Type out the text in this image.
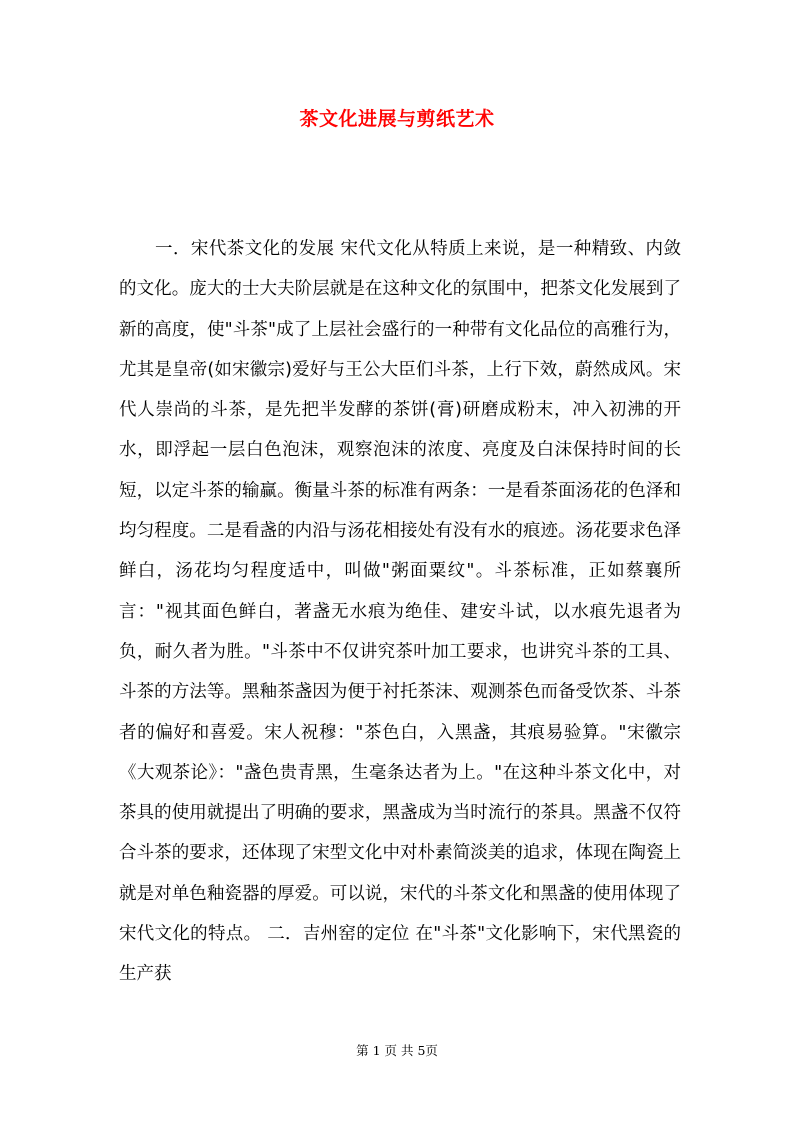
茶文化进展与剪纸艺术

一．宋代茶文化的发展 宋代文化从特质上来说，是一种精致、内敛的文化。庞大的士大夫阶层就是在这种文化的氛围中，把茶文化发展到了新的高度，使"斗茶"成了上层社会盛行的一种带有文化品位的高雅行为，尤其是皇帝(如宋徽宗)爱好与王公大臣们斗茶，上行下效，蔚然成风。宋代人崇尚的斗茶，是先把半发酵的茶饼(膏)研磨成粉末，冲入初沸的开水，即浮起一层白色泡沫，观察泡沫的浓度、亮度及白沫保持时间的长短，以定斗茶的输赢。衡量斗茶的标准有两条：一是看茶面汤花的色泽和均匀程度。二是看盏的内沿与汤花相接处有没有水的痕迹。汤花要求色泽鲜白，汤花均匀程度适中，叫做"粥面粟纹"。斗茶标准，正如蔡襄所言："视其面色鲜白，著盏无水痕为绝佳、建安斗试，以水痕先退者为负，耐久者为胜。"斗茶中不仅讲究茶叶加工要求，也讲究斗茶的工具、斗茶的方法等。黑釉茶盏因为便于衬托茶沫、观测茶色而备受饮茶、斗茶者的偏好和喜爱。宋人祝穆："茶色白，入黑盏，其痕易验算。"宋徽宗《大观茶论》："盏色贵青黑，生毫条达者为上。"在这种斗茶文化中，对茶具的使用就提出了明确的要求，黑盏成为当时流行的茶具。黑盏不仅符合斗茶的要求，还体现了宋型文化中对朴素简淡美的追求，体现在陶瓷上就是对单色釉瓷器的厚爱。可以说，宋代的斗茶文化和黑盏的使用体现了宋代文化的特点。 二．吉州窑的定位 在"斗茶"文化影响下，宋代黑瓷的生产获

第 1 页 共 5页
